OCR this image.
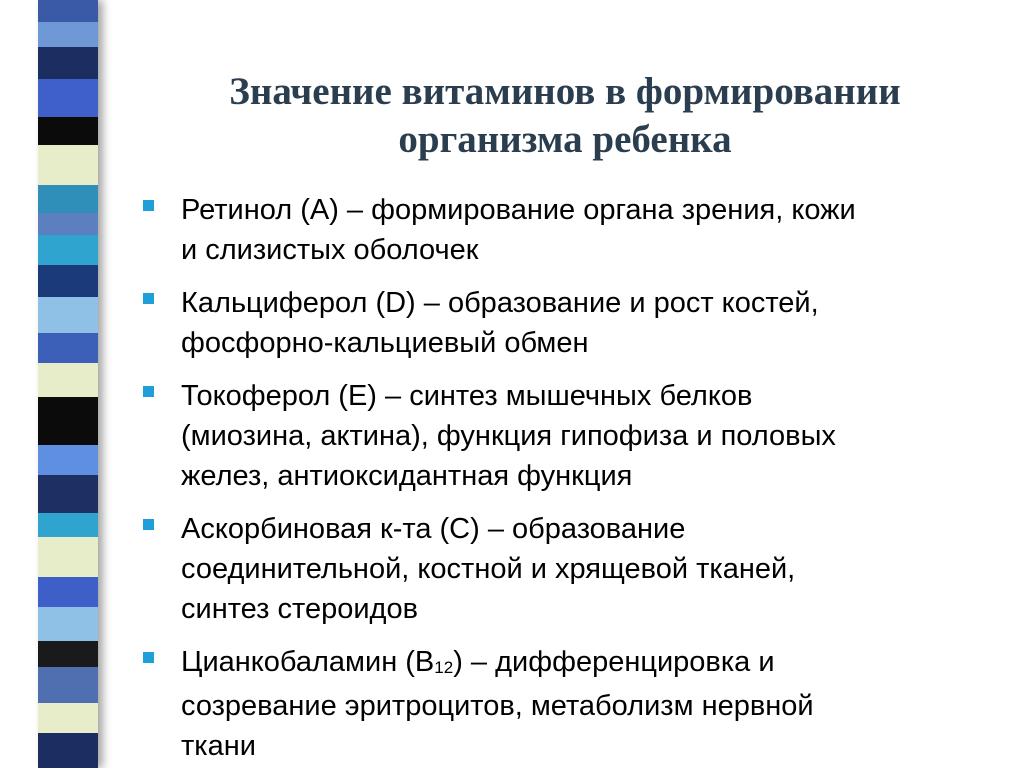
Значение витаминов в формировании
организма ребенка
Ретинол (А) – формирование органа зрения, кожи
и слизистых оболочек
Кальциферол (D) – образование и рост костей,
фосфорно-кальциевый обмен
Токоферол (Е) – синтез мышечных белков
(миозина, актина), функция гипофиза и половых
желез, антиоксидантная функция
Аскорбиновая к-та (С) – образование
соединительной, костной и хрящевой тканей,
синтез стероидов
Цианкобаламин $(В_{12})$ – дифференцировка и
созревание эритроцитов, метаболизм нервной
ткани
